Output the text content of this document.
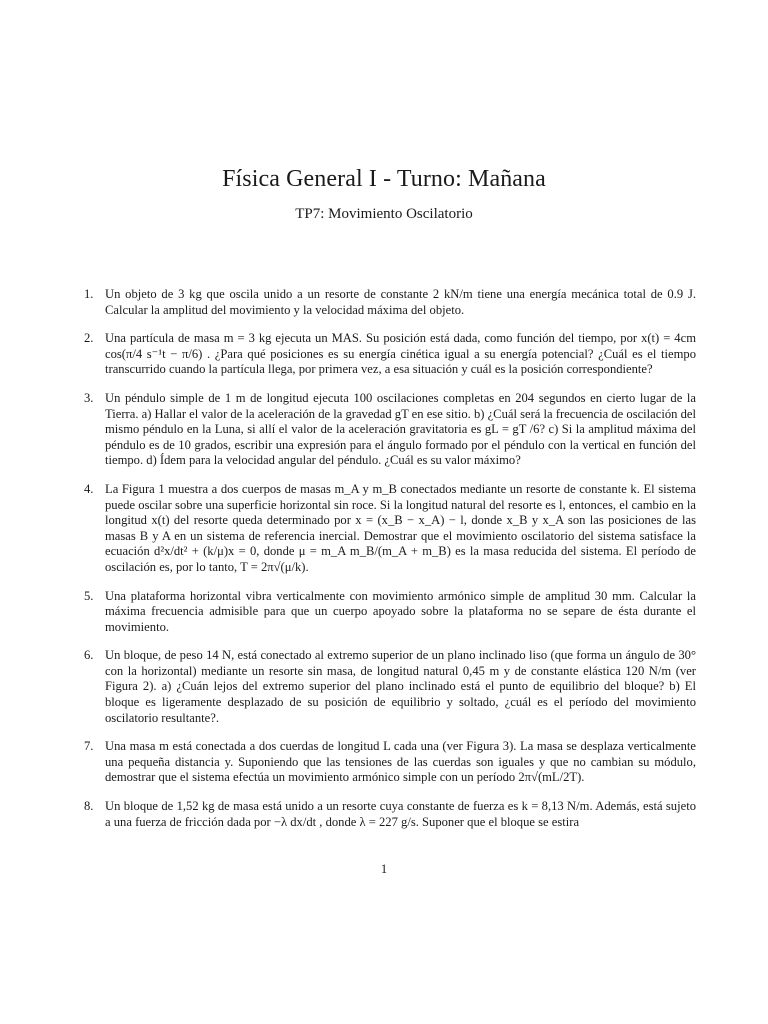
Física General I - Turno: Mañana
TP7: Movimiento Oscilatorio
1. Un objeto de 3 kg que oscila unido a un resorte de constante 2 kN/m tiene una energía mecánica total de 0.9 J. Calcular la amplitud del movimiento y la velocidad máxima del objeto.
2. Una partícula de masa m = 3 kg ejecuta un MAS. Su posición está dada, como función del tiempo, por x(t) = 4cm cos(π/4 s⁻¹t − π/6) . ¿Para qué posiciones es su energía cinética igual a su energía potencial? ¿Cuál es el tiempo transcurrido cuando la partícula llega, por primera vez, a esa situación y cuál es la posición correspondiente?
3. Un péndulo simple de 1 m de longitud ejecuta 100 oscilaciones completas en 204 segundos en cierto lugar de la Tierra. a) Hallar el valor de la aceleración de la gravedad gT en ese sitio. b) ¿Cuál será la frecuencia de oscilación del mismo péndulo en la Luna, si allí el valor de la aceleración gravitatoria es gL = gT /6? c) Si la amplitud máxima del péndulo es de 10 grados, escribir una expresión para el ángulo formado por el péndulo con la vertical en función del tiempo. d) Ídem para la velocidad angular del péndulo. ¿Cuál es su valor máximo?
4. La Figura 1 muestra a dos cuerpos de masas m_A y m_B conectados mediante un resorte de constante k. El sistema puede oscilar sobre una superficie horizontal sin roce. Si la longitud natural del resorte es l, entonces, el cambio en la longitud x(t) del resorte queda determinado por x = (x_B − x_A) − l, donde x_B y x_A son las posiciones de las masas B y A en un sistema de referencia inercial. Demostrar que el movimiento oscilatorio del sistema satisface la ecuación d²x/dt² + (k/μ)x = 0, donde μ = m_A m_B/(m_A + m_B) es la masa reducida del sistema. El período de oscilación es, por lo tanto, T = 2π√(μ/k).
5. Una plataforma horizontal vibra verticalmente con movimiento armónico simple de amplitud 30 mm. Calcular la máxima frecuencia admisible para que un cuerpo apoyado sobre la plataforma no se separe de ésta durante el movimiento.
6. Un bloque, de peso 14 N, está conectado al extremo superior de un plano inclinado liso (que forma un ángulo de 30° con la horizontal) mediante un resorte sin masa, de longitud natural 0,45 m y de constante elástica 120 N/m (ver Figura 2). a) ¿Cuán lejos del extremo superior del plano inclinado está el punto de equilibrio del bloque? b) El bloque es ligeramente desplazado de su posición de equilibrio y soltado, ¿cuál es el período del movimiento oscilatorio resultante?.
7. Una masa m está conectada a dos cuerdas de longitud L cada una (ver Figura 3). La masa se desplaza verticalmente una pequeña distancia y. Suponiendo que las tensiones de las cuerdas son iguales y que no cambian su módulo, demostrar que el sistema efectúa un movimiento armónico simple con un período 2π√(mL/2T).
8. Un bloque de 1,52 kg de masa está unido a un resorte cuya constante de fuerza es k = 8,13 N/m. Además, está sujeto a una fuerza de fricción dada por −λ dx/dt , donde λ = 227 g/s. Suponer que el bloque se estira
1
